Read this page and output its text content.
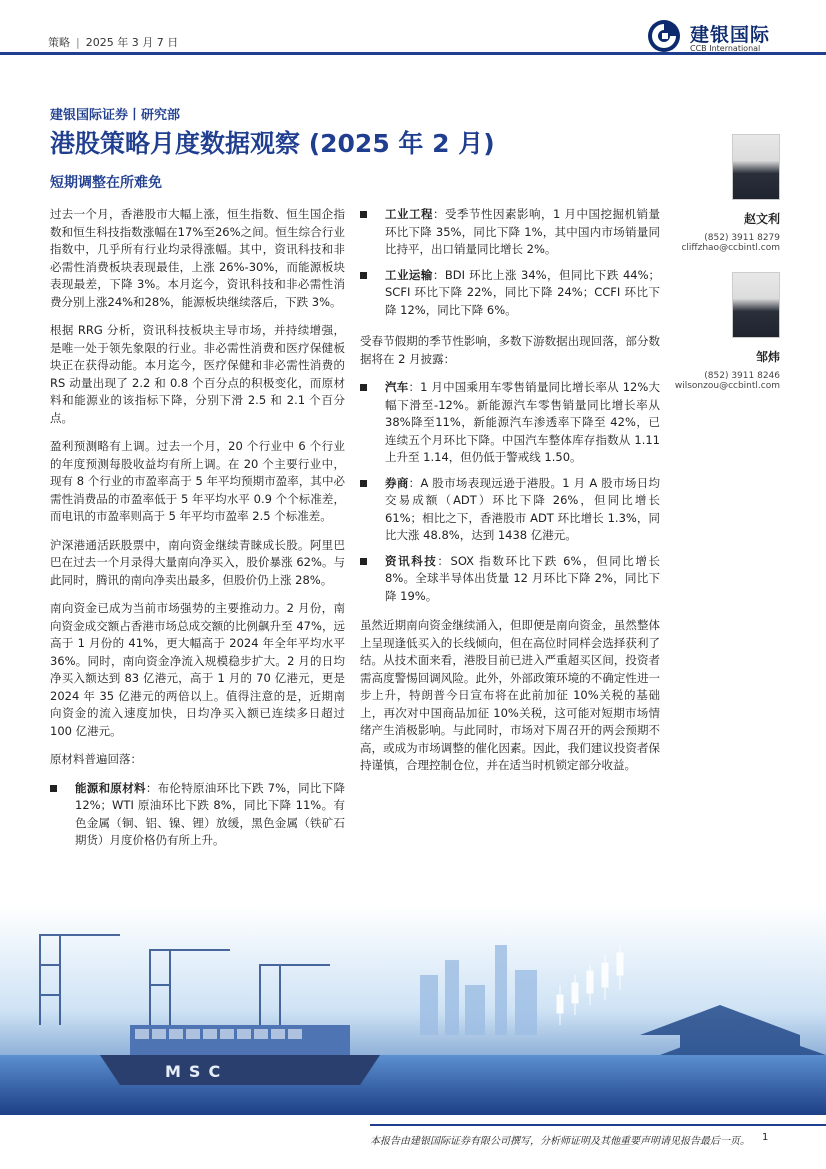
策略 | 2025 年 3 月 7 日	建银国际
CCB International
建银国际证券丨研究部
港股策略月度数据观察 (2025 年 2 月)
短期调整在所难免

过去一个月，香港股市大幅上涨，恒生指数、恒生国企指数和恒生科技指数涨幅在17%至26%之间。恒生综合行业指数中，几乎所有行业均录得涨幅。其中，资讯科技和非必需性消费板块表现最佳，上涨 26%-30%，而能源板块表现最差，下降 3%。本月迄今，资讯科技和非必需性消费分别上涨24%和28%，能源板块继续落后，下跌 3%。

根据 RRG 分析，资讯科技板块主导市场，并持续增强，是唯一处于领先象限的行业。非必需性消费和医疗保健板块正在获得动能。本月迄今，医疗保健和非必需性消费的 RS 动量出现了 2.2 和 0.8 个百分点的积极变化，而原材料和能源业的该指标下降，分别下滑 2.5 和 2.1 个百分点。

盈利预测略有上调。过去一个月，20 个行业中 6 个行业的年度预测每股收益均有所上调。在 20 个主要行业中，现有 8 个行业的市盈率高于 5 年平均预期市盈率，其中必需性消费品的市盈率低于 5 年平均水平 0.9 个个标准差，而电讯的市盈率则高于 5 年平均市盈率 2.5 个标准差。

沪深港通活跃股票中，南向资金继续青睐成长股。阿里巴巴在过去一个月录得大量南向净买入，股价暴涨 62%。与此同时，腾讯的南向净卖出最多，但股价仍上涨 28%。

南向资金已成为当前市场强势的主要推动力。2 月份，南向资金成交额占香港市场总成交额的比例飙升至 47%，远高于 1 月份的 41%，更大幅高于 2024 年全年平均水平 36%。同时，南向资金净流入规模稳步扩大。2 月的日均净买入额达到 83 亿港元，高于 1 月的 70 亿港元，更是 2024 年 35 亿港元的两倍以上。值得注意的是，近期南向资金的流入速度加快，日均净买入额已连续多日超过 100 亿港元。

原材料普遍回落：

能源和原材料：布伦特原油环比下跌 7%，同比下降 12%；WTI 原油环比下跌 8%，同比下降 11%。有色金属（铜、铝、镍、锂）放缓，黑色金属（铁矿石期货）月度价格仍有所上升。
工业工程：受季节性因素影响，1 月中国挖掘机销量环比下降 35%，同比下降 1%，其中国内市场销量同比持平，出口销量同比增长 2%。
工业运输：BDI 环比上涨 34%，但同比下跌 44%；SCFI 环比下降 22%，同比下降 24%；CCFI 环比下降 12%，同比下降 6%。

受春节假期的季节性影响，多数下游数据出现回落，部分数据将在 2 月披露：

汽车：1 月中国乘用车零售销量同比增长率从 12%大幅下滑至-12%。新能源汽车零售销量同比增长率从38%降至11%，新能源汽车渗透率下降至 42%，已连续五个月环比下降。中国汽车整体库存指数从 1.11 上升至 1.14，但仍低于警戒线 1.50。
券商：A 股市场表现远逊于港股。1 月 A 股市场日均交易成额（ADT）环比下降 26%，但同比增长 61%；相比之下，香港股市 ADT 环比增长 1.3%，同比大涨 48.8%，达到 1438 亿港元。
资讯科技：SOX 指数环比下跌 6%，但同比增长 8%。全球半导体出货量 12 月环比下降 2%，同比下降 19%。

虽然近期南向资金继续涌入，但即便是南向资金，虽然整体上呈现逢低买入的长线倾向，但在高位时同样会选择获利了结。从技术面来看，港股目前已进入严重超买区间，投资者需高度警惕回调风险。此外，外部政策环境的不确定性进一步上升，特朗普今日宣布将在此前加征 10%关税的基础上，再次对中国商品加征 10%关税，这可能对短期市场情绪产生消极影响。与此同时，市场对下周召开的两会预期不高，或成为市场调整的催化因素。因此，我们建议投资者保持谨慎，合理控制仓位，并在适当时机锁定部分收益。

赵文利
(852) 3911 8279
cliffzhao@ccbintl.com
邹炜
(852) 3911 8246
wilsonzou@ccbintl.com
MSC
本报告由建银国际证券有限公司撰写，分析师证明及其他重要声明请见报告最后一页。 1
